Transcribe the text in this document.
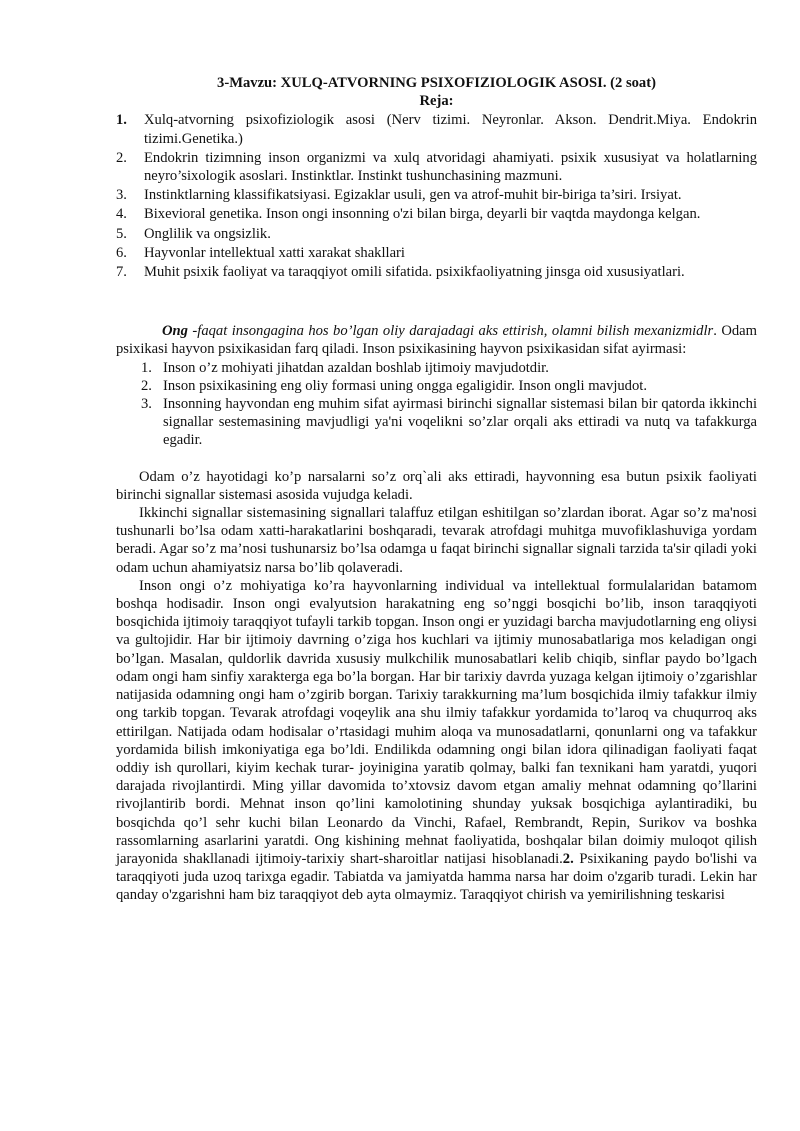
3-Mavzu: XULQ-ATVORNING PSIXOFIZIOLOGIK ASOSI. (2 soat)

Reja:

1.	Xulq-atvorning psixofiziologik asosi (Nerv tizimi. Neyronlar. Akson. Dendrit.Miya. Endokrin tizimi.Genetika.)
2.	Endokrin tizimning inson organizmi va xulq atvoridagi ahamiyati. psixik xususiyat va holatlarning neyro’sixologik asoslari. Instinktlar. Instinkt tushunchasining mazmuni.
3.	Instinktlarning klassifikatsiyasi. Egizaklar usuli, gen va atrof-muhit bir-biriga ta’siri. Irsiyat.
4.	Bixevioral genetika. Inson ongi insonning o'zi bilan birga, deyarli bir vaqtda maydonga kelgan.
5.	Onglilik va ongsizlik.
6.	Hayvonlar intellektual xatti xarakat shakllari
7.	Muhit psixik faoliyat va taraqqiyot omili sifatida. psixikfaoliyatning jinsga oid xususiyatlari.

Ong -faqat insongagina hos bo’lgan oliy darajadagi aks ettirish, olamni bilish mexanizmidlr. Odam psixikasi hayvon psixikasidan farq qiladi. Inson psixikasining hayvon psixikasidan sifat ayirmasi:

1. Inson o’z mohiyati jihatdan azaldan boshlab ijtimoiy mavjudotdir.
2. Inson psixikasining eng oliy formasi uning ongga egaligidir. Inson ongli mavjudot.
3. Insonning hayvondan eng muhim sifat ayirmasi birinchi signallar sistemasi bilan bir qatorda ikkinchi signallar sestemasining mavjudligi ya'ni voqelikni so’zlar orqali aks ettiradi va nutq va tafakkurga egadir.

Odam o’z hayotidagi ko’p narsalarni so’z orq`ali aks ettiradi, hayvonning esa butun psixik faoliyati birinchi signallar sistemasi asosida vujudga keladi.

Ikkinchi signallar sistemasining signallari talaffuz etilgan eshitilgan so’zlardan iborat. Agar so’z ma'nosi tushunarli bo’lsa odam xatti-harakatlarini boshqaradi, tevarak atrofdagi muhitga muvofiklashuviga yordam beradi. Agar so’z ma’nosi tushunarsiz bo’lsa odamga u faqat birinchi signallar signali tarzida ta'sir qiladi yoki odam uchun ahamiyatsiz narsa bo’lib qolaveradi.

Inson ongi o’z mohiyatiga ko’ra hayvonlarning individual va intellektual formulalaridan batamom boshqa hodisadir. Inson ongi evalyutsion harakatning eng so’nggi bosqichi bo’lib, inson taraqqiyoti bosqichida ijtimoiy taraqqiyot tufayli tarkib topgan. Inson ongi er yuzidagi barcha mavjudotlarning eng oliysi va gultojidir. Har bir ijtimoiy davrning o’ziga hos kuchlari va ijtimiy munosabatlariga mos keladigan ongi bo’lgan. Masalan, quldorlik davrida xususiy mulkchilik munosabatlari kelib chiqib, sinflar paydo bo’lgach odam ongi ham sinfiy xarakterga ega bo’la borgan. Har bir tarixiy davrda yuzaga kelgan ijtimoiy o’zgarishlar natijasida odamning ongi ham o’zgirib borgan. Tarixiy tarakkurning ma’lum bosqichida ilmiy tafakkur ilmiy ong tarkib topgan. Tevarak atrofdagi voqeylik ana shu ilmiy tafakkur yordamida to’laroq va chuqurroq aks ettirilgan. Natijada odam hodisalar o’rtasidagi muhim aloqa va munosadatlarni, qonunlarni ong va tafakkur yordamida bilish imkoniyatiga ega bo’ldi. Endilikda odamning ongi bilan idora qilinadigan faoliyati faqat oddiy ish qurollari, kiyim kechak turar- joyinigina yaratib qolmay, balki fan texnikani ham yaratdi, yuqori darajada rivojlantirdi. Ming yillar davomida to’xtovsiz davom etgan amaliy mehnat odamning qo’llarini rivojlantirib bordi. Mehnat inson qo’lini kamolotining shunday yuksak bosqichiga aylantiradiki, bu bosqichda qo’l sehr kuchi bilan Leonardo da Vinchi, Rafael, Rembrandt, Repin, Surikov va boshka rassomlarning asarlarini yaratdi. Ong kishining mehnat faoliyatida, boshqalar bilan doimiy muloqot qilish jarayonida shakllanadi ijtimoiy-tarixiy shart-sharoitlar natijasi hisoblanadi.2. Psixikaning paydo bo'lishi va taraqqiyoti juda uzoq tarixga egadir. Tabiatda va jamiyatda hamma narsa har doim o'zgarib turadi. Lekin har qanday o'zgarishni ham biz taraqqiyot deb ayta olmaymiz. Taraqqiyot chirish va yemirilishning teskarisi
